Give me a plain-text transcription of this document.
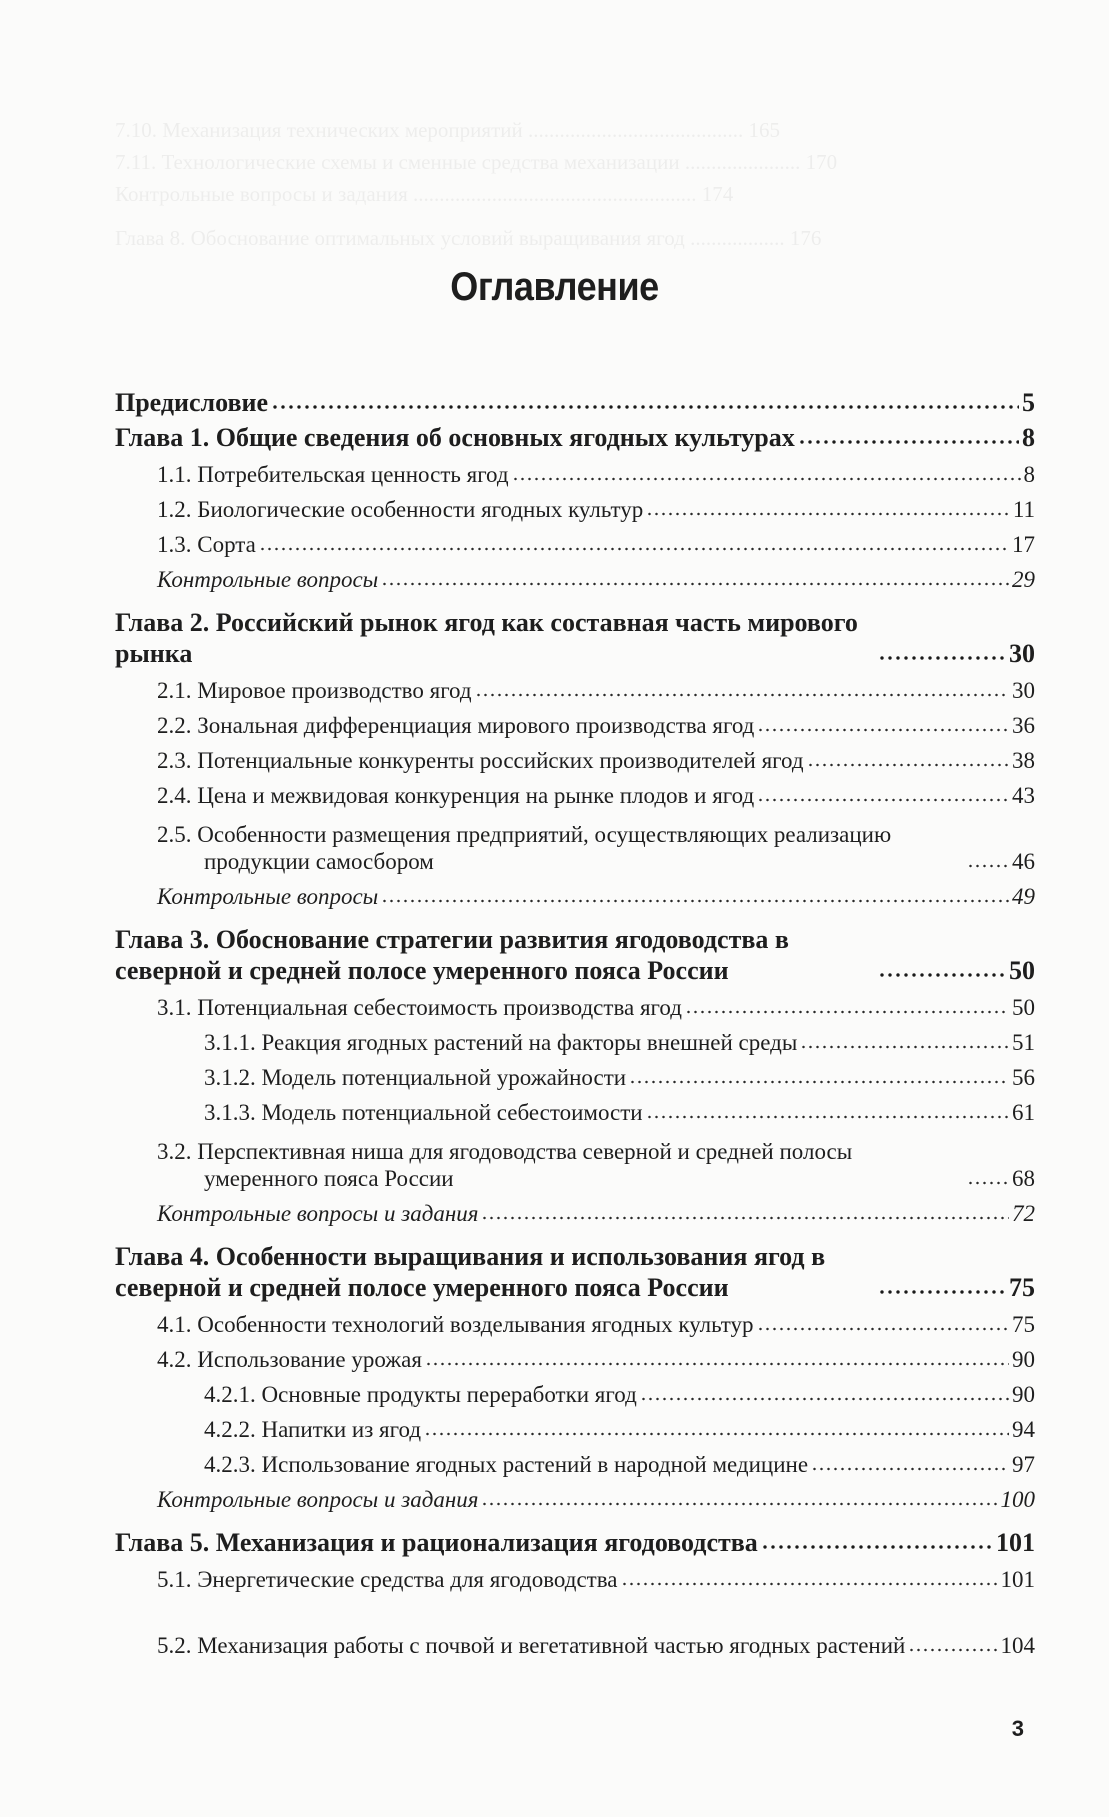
7.10. Механизация технических мероприятий ......................................... 165
7.11. Технологические схемы и сменные средства механизации ...................... 170
Контрольные вопросы и задания ...................................................... 174
Глава 8. Обоснование оптимальных условий выращивания ягод .................. 176
Оглавление
Предисловие	5
Глава 1. Общие сведения об основных ягодных культурах	8
1.1. Потребительская ценность ягод	8
1.2. Биологические особенности ягодных культур	11
1.3. Сорта	17
Контрольные вопросы	29
Глава 2. Российский рынок ягод как составная часть мирового рынка	30
2.1. Мировое производство ягод	30
2.2. Зональная дифференциация мирового производства ягод	36
2.3. Потенциальные конкуренты российских производителей ягод	38
2.4. Цена и межвидовая конкуренция на рынке плодов и ягод	43
2.5. Особенности размещения предприятий, осуществляющих реализацию продукции самосбором	46
Контрольные вопросы	49
Глава 3. Обоснование стратегии развития ягодоводства в северной и средней полосе умеренного пояса России	50
3.1. Потенциальная себестоимость производства ягод	50
3.1.1. Реакция ягодных растений на факторы внешней среды	51
3.1.2. Модель потенциальной урожайности	56
3.1.3. Модель потенциальной себестоимости	61
3.2. Перспективная ниша для ягодоводства северной и средней полосы умеренного пояса России	68
Контрольные вопросы и задания	72
Глава 4. Особенности выращивания и использования ягод в северной и средней полосе умеренного пояса России	75
4.1. Особенности технологий возделывания ягодных культур	75
4.2. Использование урожая	90
4.2.1. Основные продукты переработки ягод	90
4.2.2. Напитки из ягод	94
4.2.3. Использование ягодных растений в народной медицине	97
Контрольные вопросы и задания	100
Глава 5. Механизация и рационализация ягодоводства	101
5.1. Энергетические средства для ягодоводства	101
5.2. Механизация работы с почвой и вегетативной частью ягодных растений	104
3
